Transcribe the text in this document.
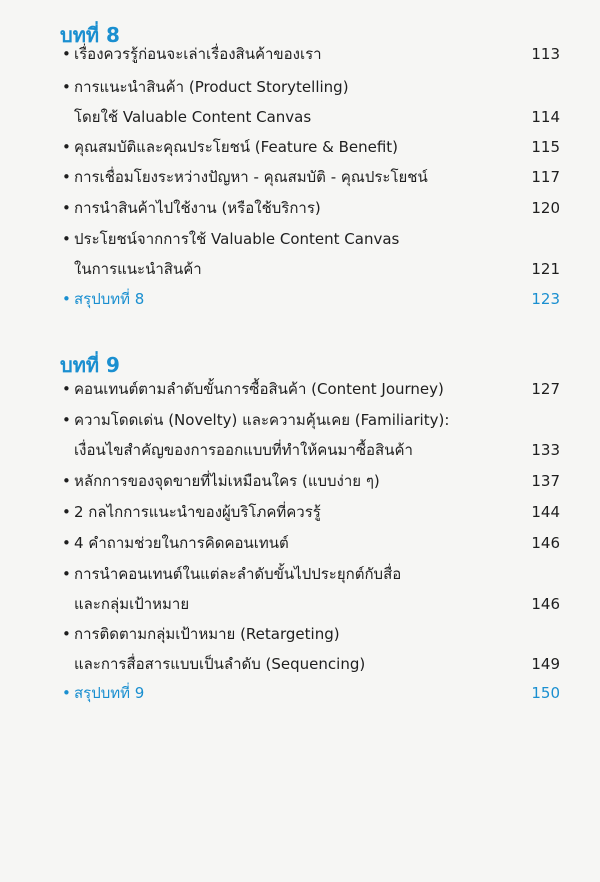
บทที่ 8
• เรื่องควรรู้ก่อนจะเล่าเรื่องสินค้าของเรา	113
• การแนะนำสินค้า (Product Storytelling)
โดยใช้ Valuable Content Canvas	114
• คุณสมบัติและคุณประโยชน์ (Feature & Benefit)	115
• การเชื่อมโยงระหว่างปัญหา - คุณสมบัติ - คุณประโยชน์	117
• การนำสินค้าไปใช้งาน (หรือใช้บริการ)	120
• ประโยชน์จากการใช้ Valuable Content Canvas
ในการแนะนำสินค้า	121
• สรุปบทที่ 8	123
บทที่ 9
• คอนเทนต์ตามลำดับขั้นการซื้อสินค้า (Content Journey)	127
• ความโดดเด่น (Novelty) และความคุ้นเคย (Familiarity):
เงื่อนไขสำคัญของการออกแบบที่ทำให้คนมาซื้อสินค้า	133
• หลักการของจุดขายที่ไม่เหมือนใคร (แบบง่าย ๆ)	137
• 2 กลไกการแนะนำของผู้บริโภคที่ควรรู้	144
• 4 คำถามช่วยในการคิดคอนเทนต์	146
• การนำคอนเทนต์ในแต่ละลำดับขั้นไปประยุกต์กับสื่อ
และกลุ่มเป้าหมาย	146
• การติดตามกลุ่มเป้าหมาย (Retargeting)
และการสื่อสารแบบเป็นลำดับ (Sequencing)	149
• สรุปบทที่ 9	150
